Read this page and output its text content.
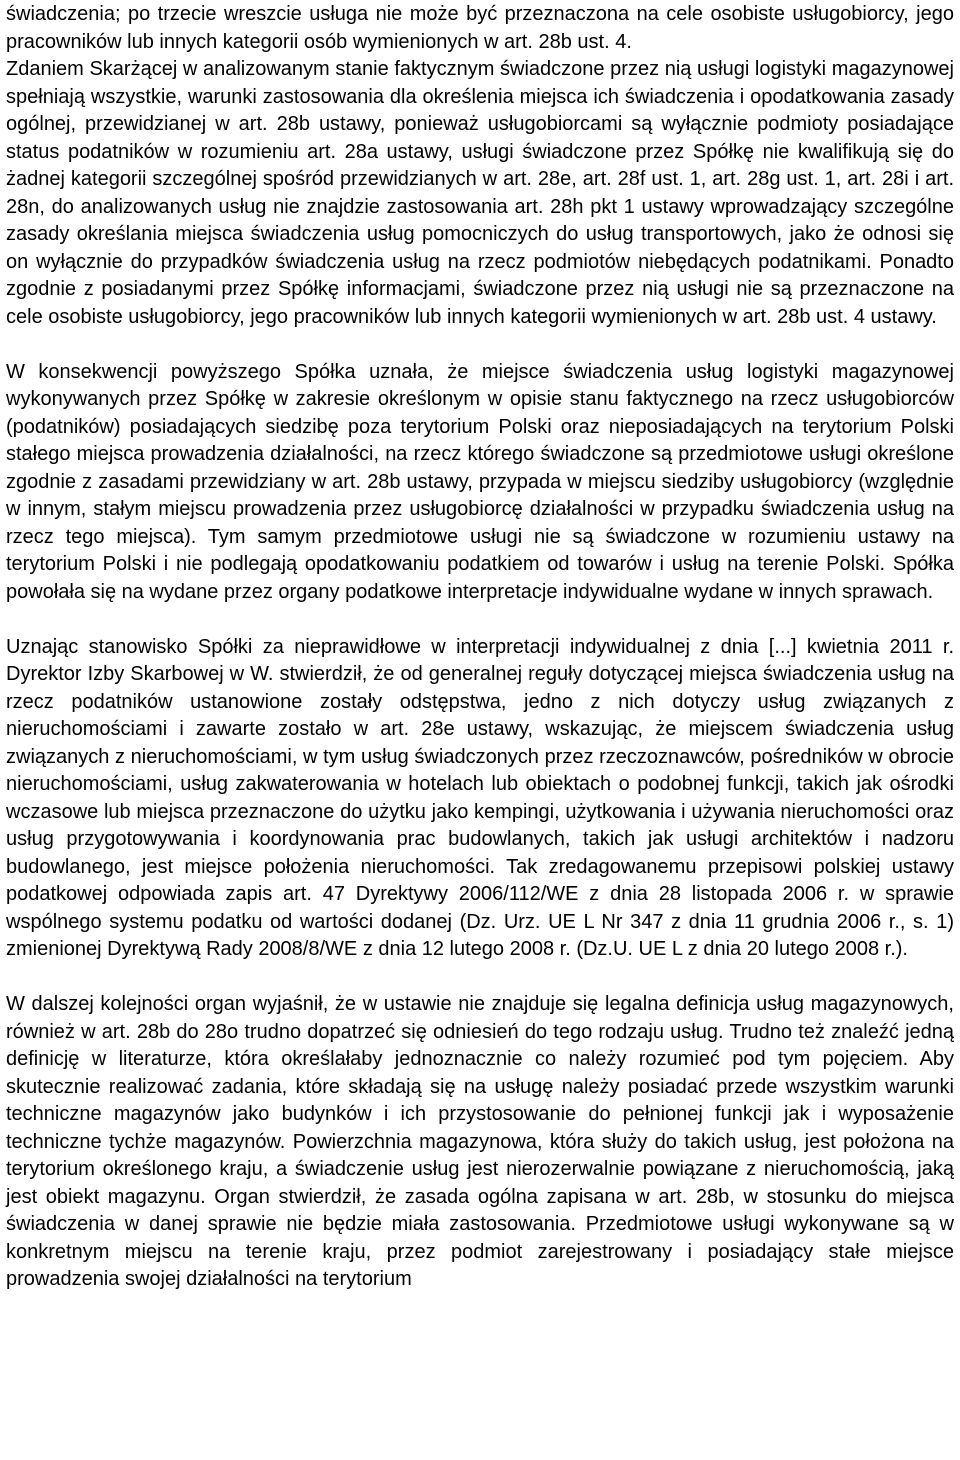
świadczenia; po trzecie wreszcie usługa nie może być przeznaczona na cele osobiste usługobiorcy, jego pracowników lub innych kategorii osób wymienionych w art. 28b ust. 4.

Zdaniem Skarżącej w analizowanym stanie faktycznym świadczone przez nią usługi logistyki magazynowej spełniają wszystkie, warunki zastosowania dla określenia miejsca ich świadczenia i opodatkowania zasady ogólnej, przewidzianej w art. 28b ustawy, ponieważ usługobiorcami są wyłącznie podmioty posiadające status podatników w rozumieniu art. 28a ustawy, usługi świadczone przez Spółkę nie kwalifikują się do żadnej kategorii szczególnej spośród przewidzianych w art. 28e, art. 28f ust. 1, art. 28g ust. 1, art. 28i i art. 28n, do analizowanych usług nie znajdzie zastosowania art. 28h pkt 1 ustawy wprowadzający szczególne zasady określania miejsca świadczenia usług pomocniczych do usług transportowych, jako że odnosi się on wyłącznie do przypadków świadczenia usług na rzecz podmiotów niebędących podatnikami. Ponadto zgodnie z posiadanymi przez Spółkę informacjami, świadczone przez nią usługi nie są przeznaczone na cele osobiste usługobiorcy, jego pracowników lub innych kategorii wymienionych w art. 28b ust. 4 ustawy.

W konsekwencji powyższego Spółka uznała, że miejsce świadczenia usług logistyki magazynowej wykonywanych przez Spółkę w zakresie określonym w opisie stanu faktycznego na rzecz usługobiorców (podatników) posiadających siedzibę poza terytorium Polski oraz nieposiadających na terytorium Polski stałego miejsca prowadzenia działalności, na rzecz którego świadczone są przedmiotowe usługi określone zgodnie z zasadami przewidziany w art. 28b ustawy, przypada w miejscu siedziby usługobiorcy (względnie w innym, stałym miejscu prowadzenia przez usługobiorcę działalności w przypadku świadczenia usług na rzecz tego miejsca). Tym samym przedmiotowe usługi nie są świadczone w rozumieniu ustawy na terytorium Polski i nie podlegają opodatkowaniu podatkiem od towarów i usług na terenie Polski. Spółka powołała się na wydane przez organy podatkowe interpretacje indywidualne wydane w innych sprawach.

Uznając stanowisko Spółki za nieprawidłowe w interpretacji indywidualnej z dnia [...] kwietnia 2011 r. Dyrektor Izby Skarbowej w W. stwierdził, że od generalnej reguły dotyczącej miejsca świadczenia usług na rzecz podatników ustanowione zostały odstępstwa, jedno z nich dotyczy usług związanych z nieruchomościami i zawarte zostało w art. 28e ustawy, wskazując, że miejscem świadczenia usług związanych z nieruchomościami, w tym usług świadczonych przez rzeczoznawców, pośredników w obrocie nieruchomościami, usług zakwaterowania w hotelach lub obiektach o podobnej funkcji, takich jak ośrodki wczasowe lub miejsca przeznaczone do użytku jako kempingi, użytkowania i używania nieruchomości oraz usług przygotowywania i koordynowania prac budowlanych, takich jak usługi architektów i nadzoru budowlanego, jest miejsce położenia nieruchomości. Tak zredagowanemu przepisowi polskiej ustawy podatkowej odpowiada zapis art. 47 Dyrektywy 2006/112/WE z dnia 28 listopada 2006 r. w sprawie wspólnego systemu podatku od wartości dodanej (Dz. Urz. UE L Nr 347 z dnia 11 grudnia 2006 r., s. 1) zmienionej Dyrektywą Rady 2008/8/WE z dnia 12 lutego 2008 r. (Dz.U. UE L z dnia 20 lutego 2008 r.).

W dalszej kolejności organ wyjaśnił, że w ustawie nie znajduje się legalna definicja usług magazynowych, również w art. 28b do 28o trudno dopatrzeć się odniesień do tego rodzaju usług. Trudno też znaleźć jedną definicję w literaturze, która określałaby jednoznacznie co należy rozumieć pod tym pojęciem. Aby skutecznie realizować zadania, które składają się na usługę należy posiadać przede wszystkim warunki techniczne magazynów jako budynków i ich przystosowanie do pełnionej funkcji jak i wyposażenie techniczne tychże magazynów. Powierzchnia magazynowa, która służy do takich usług, jest położona na terytorium określonego kraju, a świadczenie usług jest nierozerwalnie powiązane z nieruchomością, jaką jest obiekt magazynu. Organ stwierdził, że zasada ogólna zapisana w art. 28b, w stosunku do miejsca świadczenia w danej sprawie nie będzie miała zastosowania. Przedmiotowe usługi wykonywane są w konkretnym miejscu na terenie kraju, przez podmiot zarejestrowany i posiadający stałe miejsce prowadzenia swojej działalności na terytorium
